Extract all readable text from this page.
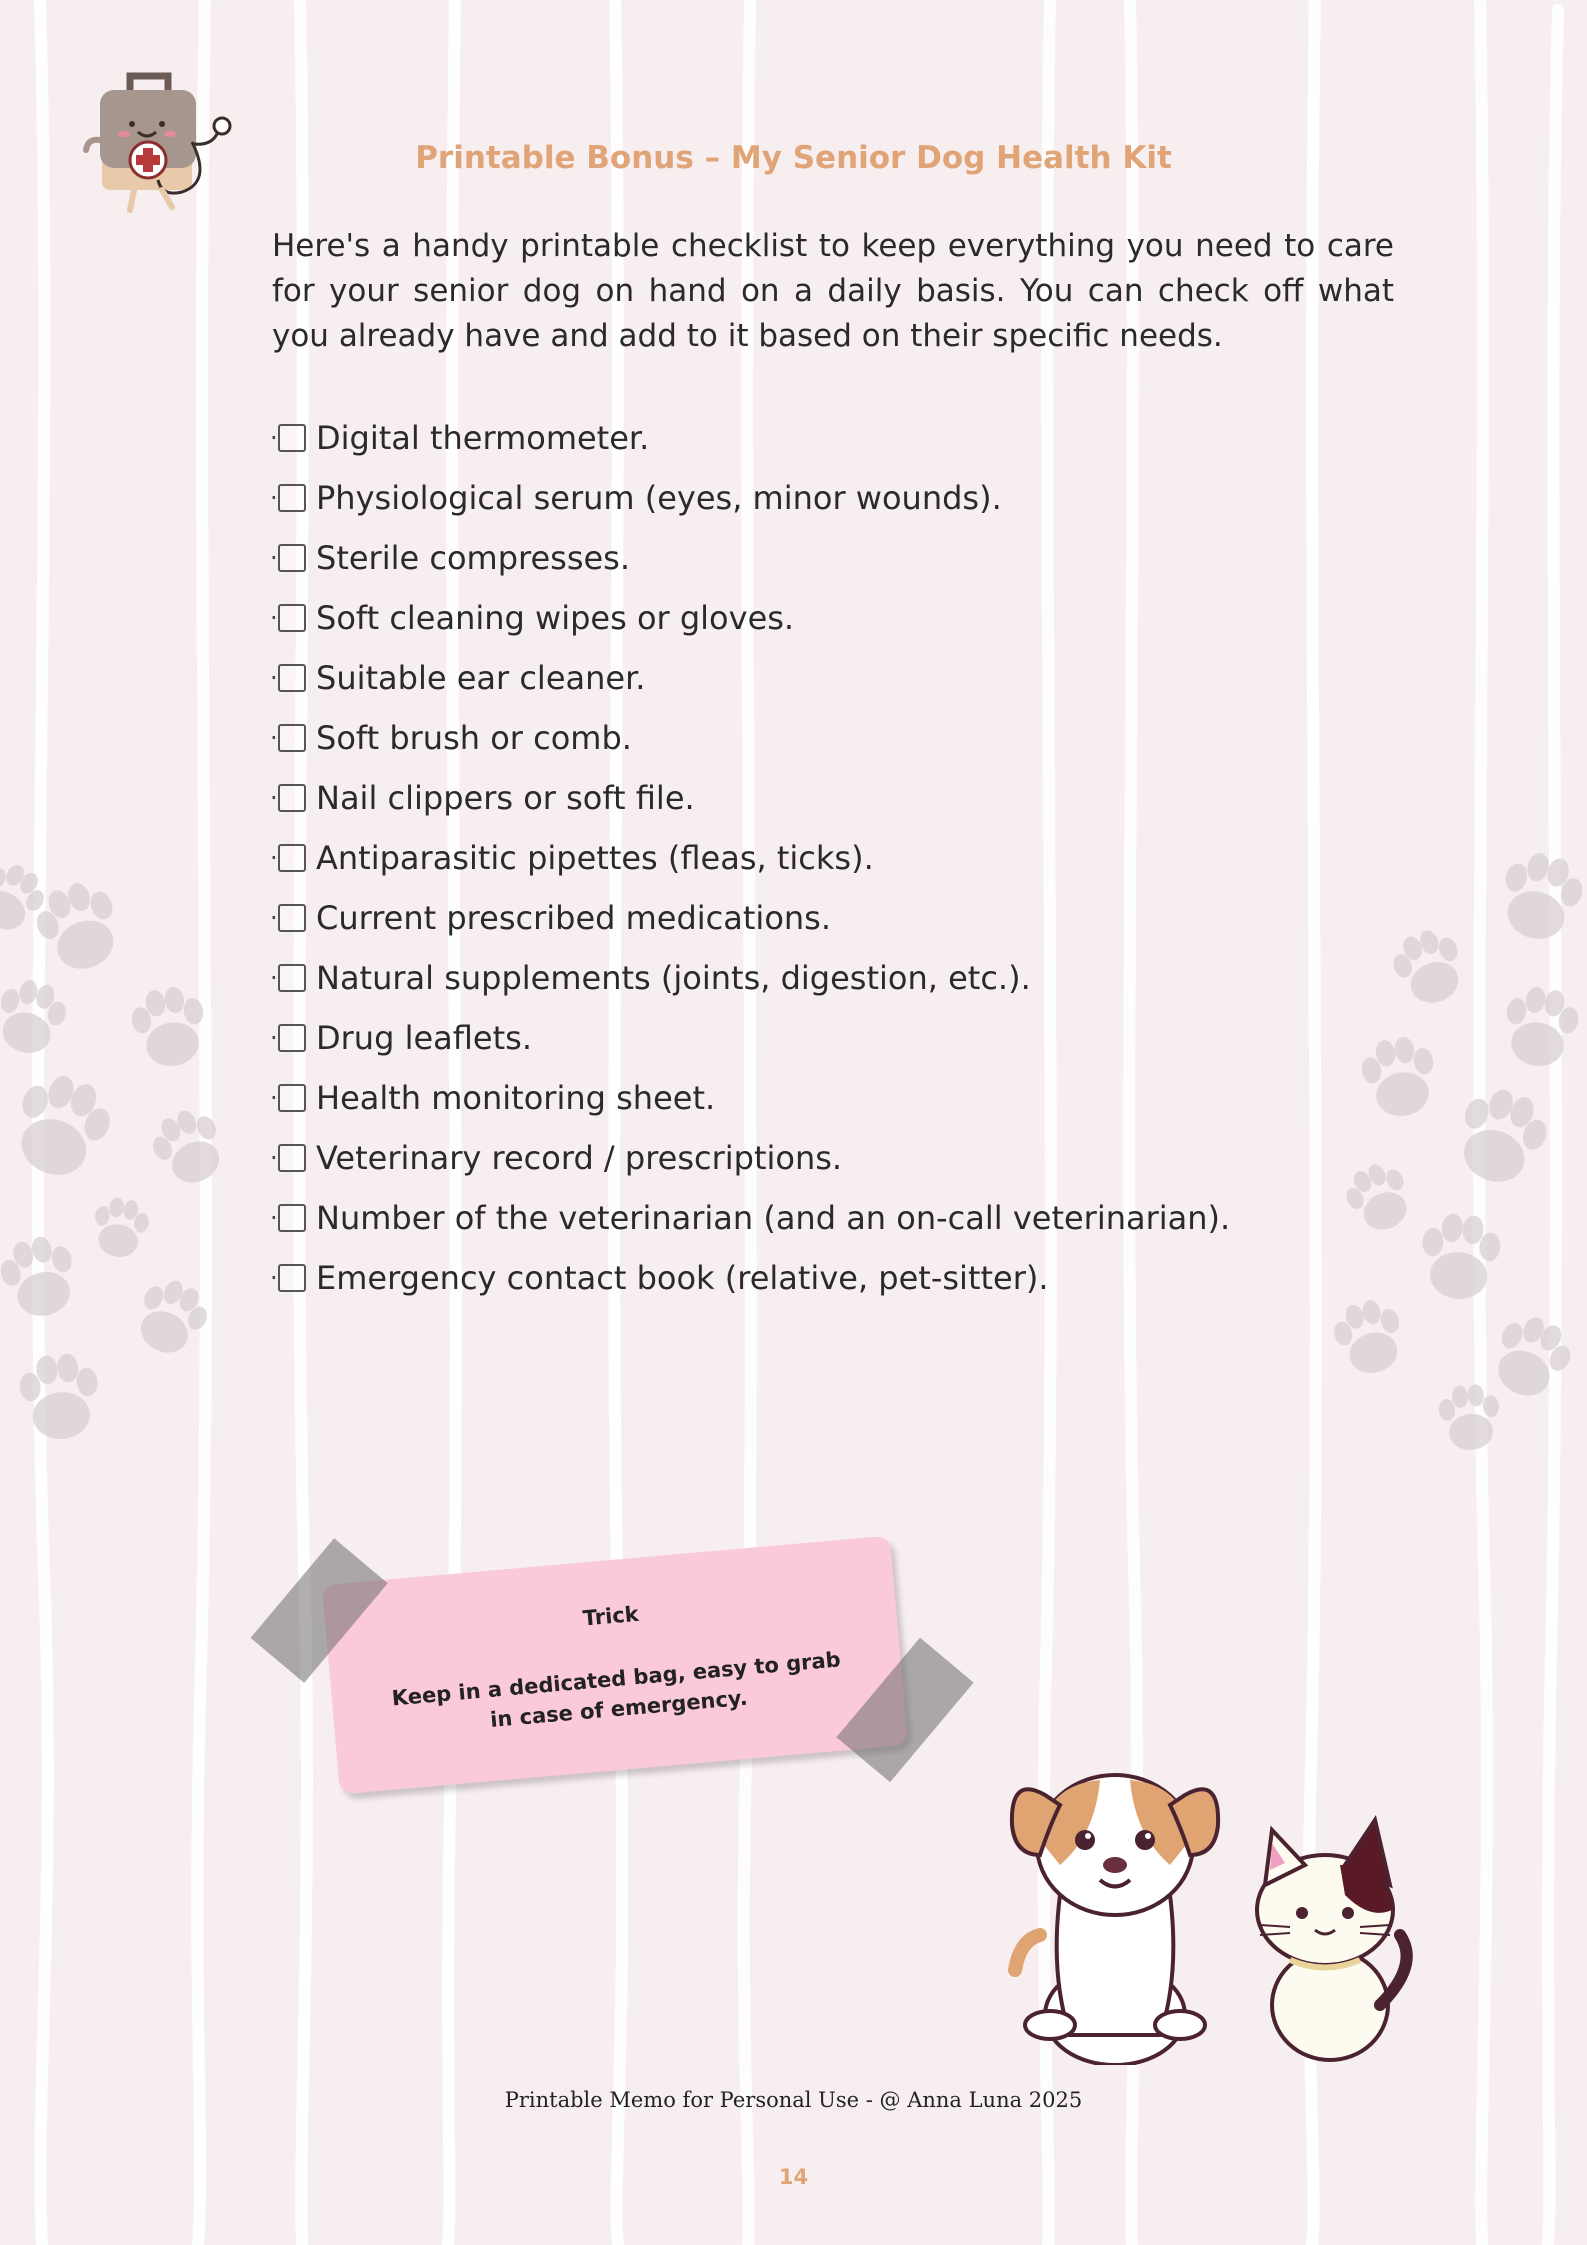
Printable Bonus – My Senior Dog Health Kit

Here's a handy printable checklist to keep everything you need to care for your senior dog on hand on a daily basis. You can check off what you already have and add to it based on their specific needs.

· Digital thermometer.
· Physiological serum (eyes, minor wounds).
· Sterile compresses.
· Soft cleaning wipes or gloves.
· Suitable ear cleaner.
· Soft brush or comb.
· Nail clippers or soft file.
· Antiparasitic pipettes (fleas, ticks).
· Current prescribed medications.
· Natural supplements (joints, digestion, etc.).
· Drug leaflets.
· Health monitoring sheet.
· Veterinary record / prescriptions.
· Number of the veterinarian (and an on-call veterinarian).
· Emergency contact book (relative, pet-sitter).
Trick
Keep in a dedicated bag, easy to grab in case of emergency.
Printable Memo for Personal Use - @ Anna Luna 2025
14
